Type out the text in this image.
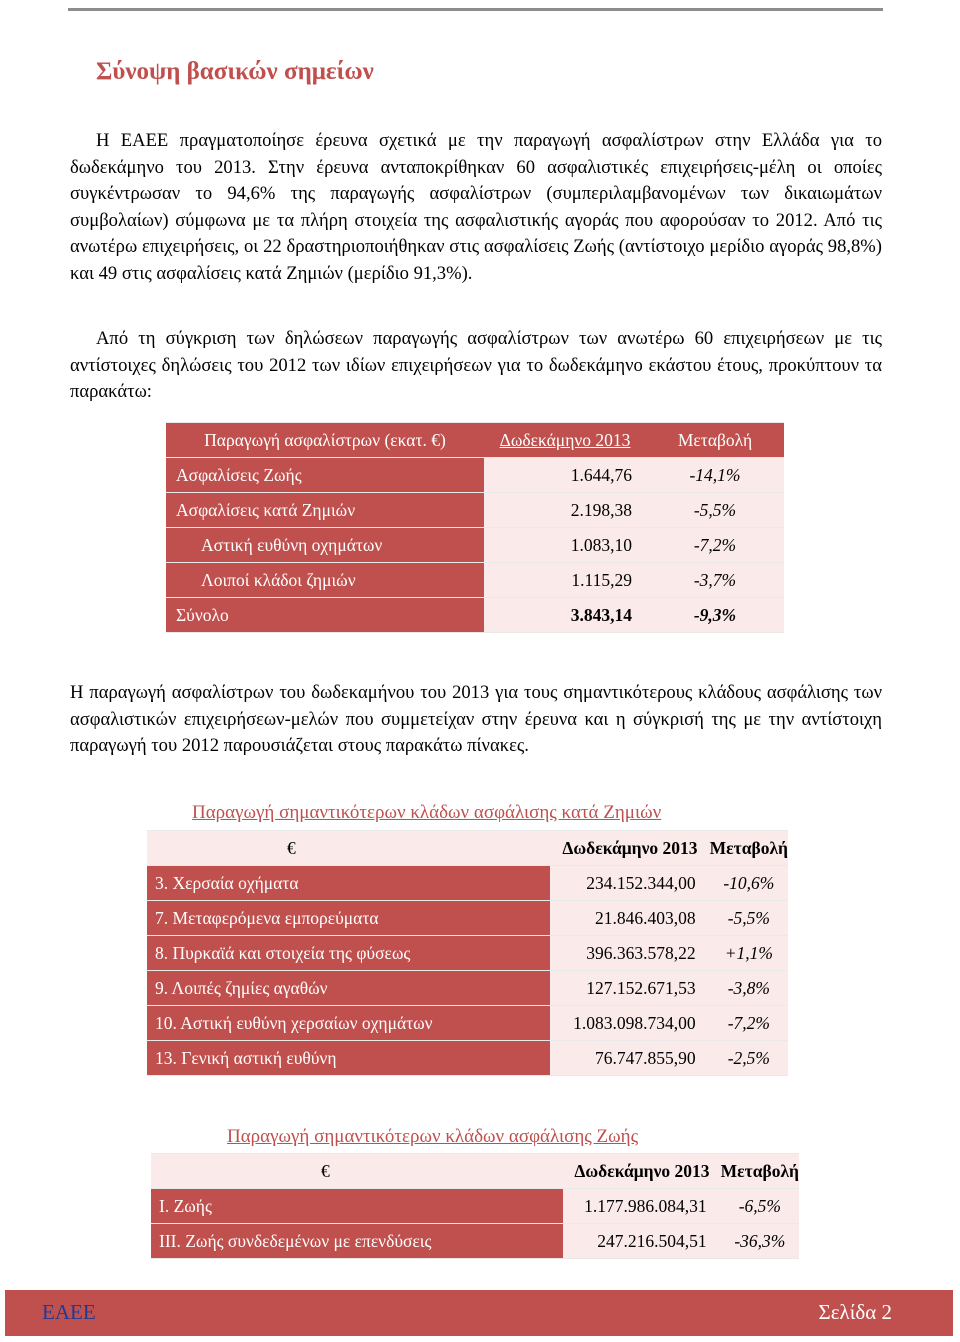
Σύνοψη βασικών σημείων

Η ΕΑΕΕ πραγματοποίησε έρευνα σχετικά με την παραγωγή ασφαλίστρων στην Ελλάδα για το δωδεκάμηνο του 2013. Στην έρευνα ανταποκρίθηκαν 60 ασφαλιστικές επιχειρήσεις-μέλη οι οποίες συγκέντρωσαν το 94,6% της παραγωγής ασφαλίστρων (συμπεριλαμβανομένων των δικαιωμάτων συμβολαίων) σύμφωνα με τα πλήρη στοιχεία της ασφαλιστικής αγοράς που αφορούσαν το 2012. Από τις ανωτέρω επιχειρήσεις, οι 22 δραστηριοποιήθηκαν στις ασφαλίσεις Ζωής (αντίστοιχο μερίδιο αγοράς 98,8%) και 49 στις ασφαλίσεις κατά Ζημιών (μερίδιο 91,3%).

Από τη σύγκριση των δηλώσεων παραγωγής ασφαλίστρων των ανωτέρω 60 επιχειρήσεων με τις αντίστοιχες δηλώσεις του 2012 των ιδίων επιχειρήσεων για το δωδεκάμηνο εκάστου έτους, προκύπτουν τα παρακάτω:

Παραγωγή ασφαλίστρων (εκατ. €)	Δωδεκάμηνο 2013	Μεταβολή
Ασφαλίσεις Ζωής	1.644,76	-14,1%
Ασφαλίσεις κατά Ζημιών	2.198,38	-5,5%
Αστική ευθύνη οχημάτων	1.083,10	-7,2%
Λοιποί κλάδοι ζημιών	1.115,29	-3,7%
Σύνολο	3.843,14	-9,3%

Η παραγωγή ασφαλίστρων του δωδεκαμήνου του 2013 για τους σημαντικότερους κλάδους ασφάλισης των ασφαλιστικών επιχειρήσεων-μελών που συμμετείχαν στην έρευνα και η σύγκρισή της με την αντίστοιχη παραγωγή του 2012 παρουσιάζεται στους παρακάτω πίνακες.

Παραγωγή σημαντικότερων κλάδων ασφάλισης κατά Ζημιών
€	Δωδεκάμηνο 2013	Μεταβολή
3. Χερσαία οχήματα	234.152.344,00	-10,6%
7. Μεταφερόμενα εμπορεύματα	21.846.403,08	-5,5%
8. Πυρκαϊά και στοιχεία της φύσεως	396.363.578,22	+1,1%
9. Λοιπές ζημίες αγαθών	127.152.671,53	-3,8%
10. Αστική ευθύνη χερσαίων οχημάτων	1.083.098.734,00	-7,2%
13. Γενική αστική ευθύνη	76.747.855,90	-2,5%
Παραγωγή σημαντικότερων κλάδων ασφάλισης Ζωής
€	Δωδεκάμηνο 2013	Μεταβολή
Ι. Ζωής	1.177.986.084,31	-6,5%
ΙΙΙ. Ζωής συνδεδεμένων με επενδύσεις	247.216.504,51	-36,3%
ΕΑΕΕ	Σελίδα 2
